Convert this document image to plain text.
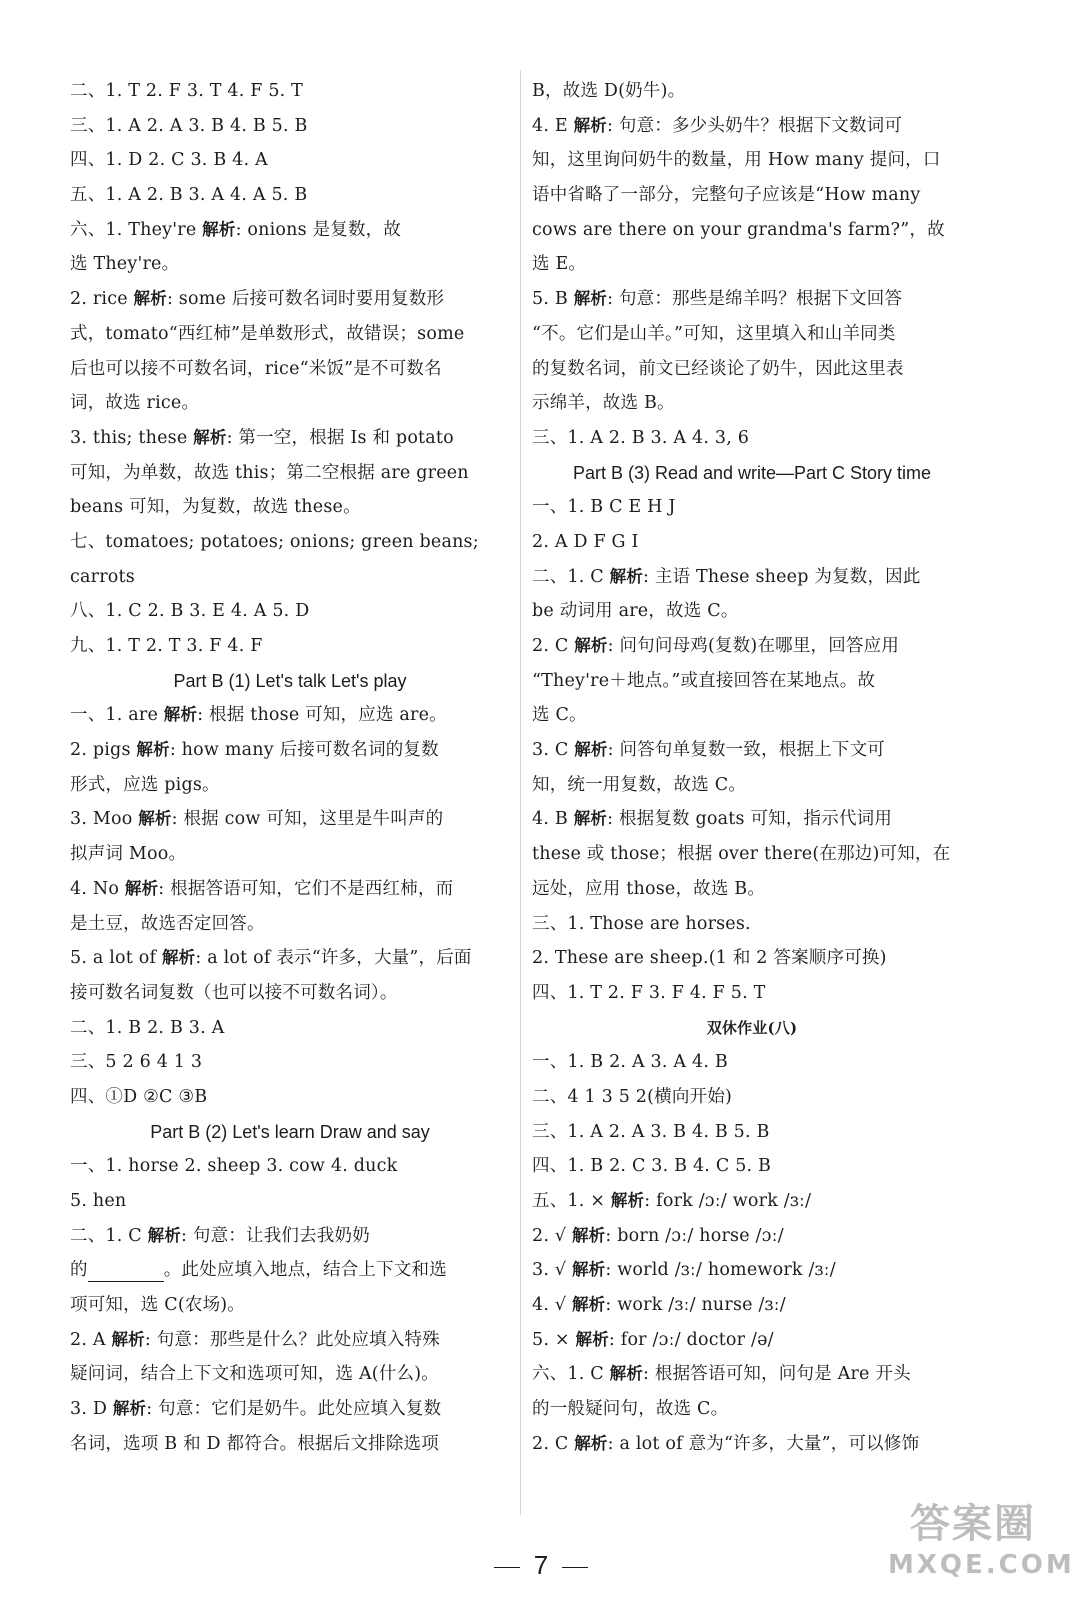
二、1. T 2. F 3. T 4. F 5. T
三、1. A 2. A 3. B 4. B 5. B
四、1. D 2. C 3. B 4. A
五、1. A 2. B 3. A 4. A 5. B
六、1. They're 解析: onions 是复数，故
选 They're。
2. rice 解析: some 后接可数名词时要用复数形
式，tomato“西红柿”是单数形式，故错误；some
后也可以接不可数名词，rice“米饭”是不可数名
词，故选 rice。
3. this; these 解析: 第一空，根据 Is 和 potato
可知，为单数，故选 this；第二空根据 are green
beans 可知，为复数，故选 these。
七、tomatoes; potatoes; onions; green beans;
carrots
八、1. C 2. B 3. E 4. A 5. D
九、1. T 2. T 3. F 4. F
Part B (1) Let's talk Let's play
一、1. are 解析: 根据 those 可知，应选 are。
2. pigs 解析: how many 后接可数名词的复数
形式，应选 pigs。
3. Moo 解析: 根据 cow 可知，这里是牛叫声的
拟声词 Moo。
4. No 解析: 根据答语可知，它们不是西红柿，而
是土豆，故选否定回答。
5. a lot of 解析: a lot of 表示“许多，大量”，后面
接可数名词复数（也可以接不可数名词）。
二、1. B 2. B 3. A
三、5 2 6 4 1 3
四、①D ②C ③B
Part B (2) Let's learn Draw and say
一、1. horse 2. sheep 3. cow 4. duck
5. hen
二、1. C 解析: 句意：让我们去我奶奶
的	。此处应填入地点，结合上下文和选
项可知，选 C(农场)。
2. A 解析: 句意：那些是什么？此处应填入特殊
疑问词，结合上下文和选项可知，选 A(什么)。
3. D 解析: 句意：它们是奶牛。此处应填入复数
名词，选项 B 和 D 都符合。根据后文排除选项
B，故选 D(奶牛)。
4. E 解析: 句意：多少头奶牛？根据下文数词可
知，这里询问奶牛的数量，用 How many 提问，口
语中省略了一部分，完整句子应该是“How many
cows are there on your grandma's farm?”，故
选 E。
5. B 解析: 句意：那些是绵羊吗？根据下文回答
“不。它们是山羊。”可知，这里填入和山羊同类
的复数名词，前文已经谈论了奶牛，因此这里表
示绵羊，故选 B。
三、1. A 2. B 3. A 4. 3, 6
Part B (3) Read and write—Part C Story time
一、1. B C E H J
2. A D F G I
二、1. C 解析: 主语 These sheep 为复数，因此
be 动词用 are，故选 C。
2. C 解析: 问句问母鸡(复数)在哪里，回答应用
“They're＋地点。”或直接回答在某地点。故
选 C。
3. C 解析: 问答句单复数一致，根据上下文可
知，统一用复数，故选 C。
4. B 解析: 根据复数 goats 可知，指示代词用
these 或 those；根据 over there(在那边)可知，在
远处，应用 those，故选 B。
三、1. Those are horses.
2. These are sheep.(1 和 2 答案顺序可换)
四、1. T 2. F 3. F 4. F 5. T
双休作业(八)
一、1. B 2. A 3. A 4. B
二、4 1 3 5 2(横向开始)
三、1. A 2. A 3. B 4. B 5. B
四、1. B 2. C 3. B 4. C 5. B
五、1. × 解析: fork /ɔː/ work /ɜː/
2. √ 解析: born /ɔː/ horse /ɔː/
3. √ 解析: world /ɜː/ homework /ɜː/
4. √ 解析: work /ɜː/ nurse /ɜː/
5. × 解析: for /ɔː/ doctor /ə/
六、1. C 解析: 根据答语可知，问句是 Are 开头
的一般疑问句，故选 C。
2. C 解析: a lot of 意为“许多，大量”，可以修饰
7
答案圈
MXQE.COM
